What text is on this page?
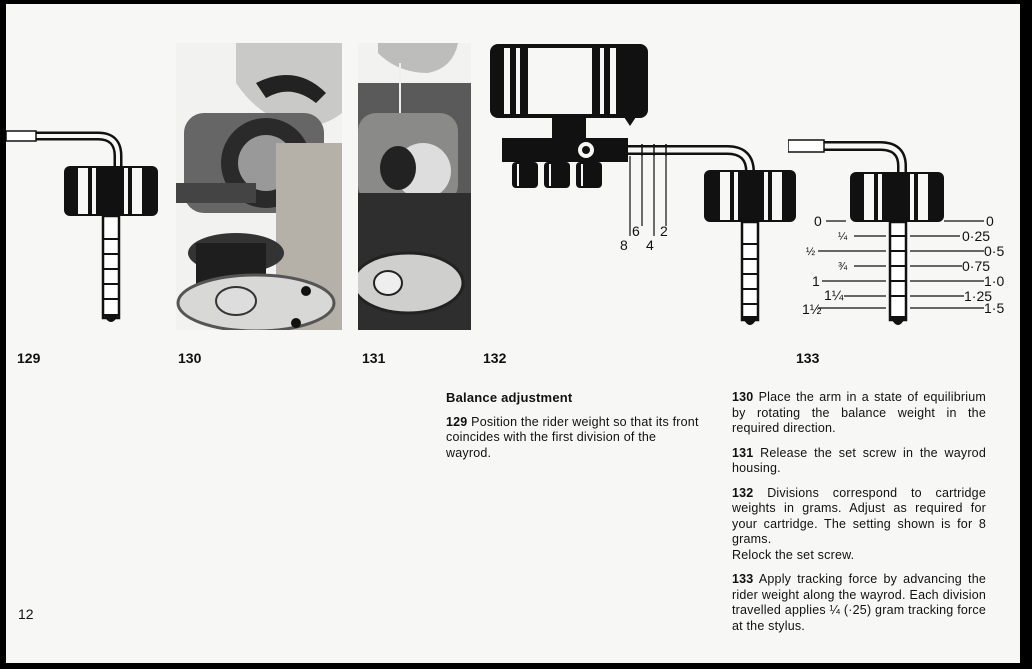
6 2
8 4
0
¼
½
¾
1
1¼
1½
0
0·25
0·5
0·75
1·0
1·25
1·5
129	130	131	132	133
Balance adjustment

129 Position the rider weight so that its front coincides with the first division of the wayrod.

130 Place the arm in a state of equilibrium by rotating the balance weight in the required direction.

131 Release the set screw in the wayrod housing.

132 Divisions correspond to cartridge weights in grams. Adjust as required for your cartridge. The setting shown is for 8 grams.
Relock the set screw.

133 Apply tracking force by advancing the rider weight along the wayrod. Each division travelled applies ¼ (·25) gram tracking force at the stylus.

12
